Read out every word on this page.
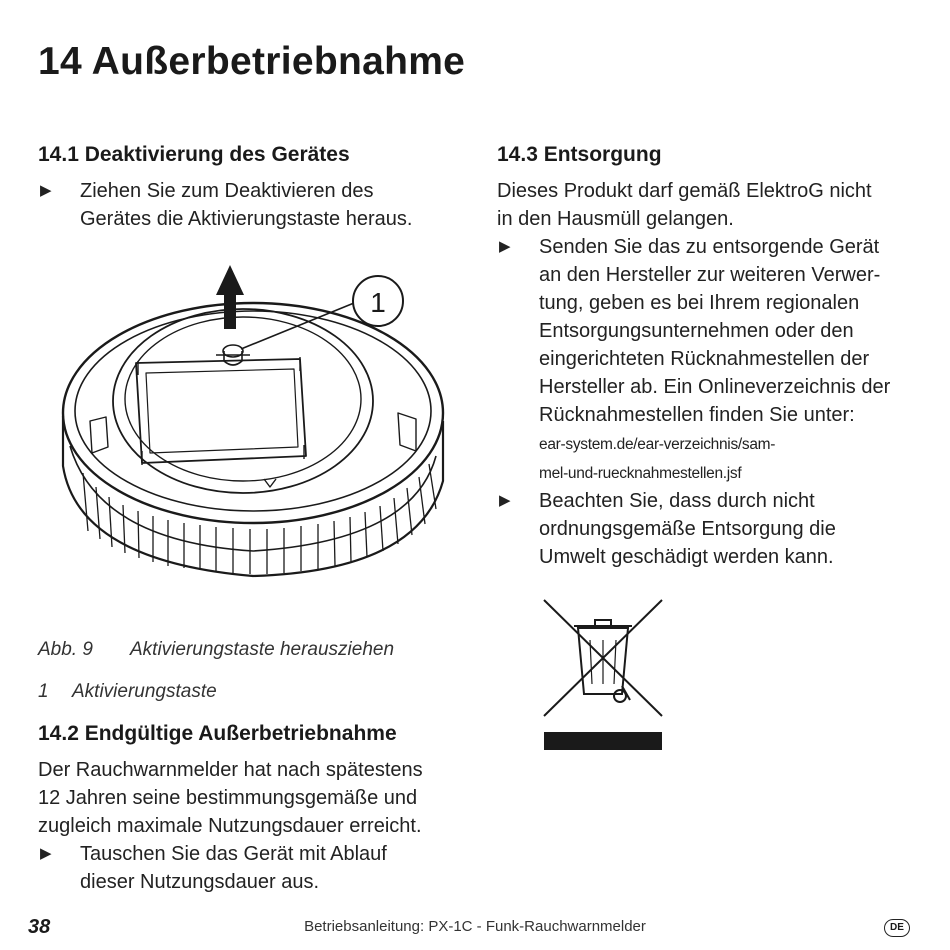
14 Außerbetriebnahme
14.1 Deaktivierung des Gerätes
▶ Ziehen Sie zum Deaktivieren des
Gerätes die Aktivierungstaste heraus.
1

Abb. 9 Aktivierungstaste herausziehen

1 Aktivierungstaste

14.2 Endgültige Außerbetriebnahme

Der Rauchwarnmelder hat nach spätestens
12 Jahren seine bestimmungsgemäße und
zugleich maximale Nutzungsdauer erreicht.

▶ Tauschen Sie das Gerät mit Ablauf
dieser Nutzungsdauer aus.
14.3 Entsorgung

Dieses Produkt darf gemäß ElektroG nicht
in den Hausmüll gelangen.

▶ Senden Sie das zu entsorgende Gerät
an den Hersteller zur weiteren Verwer-
tung, geben es bei Ihrem regionalen
Entsorgungsunternehmen oder den
eingerichteten Rücknahmestellen der
Hersteller ab. Ein Onlineverzeichnis der
Rücknahmestellen finden Sie unter:
ear-system.de/ear-verzeichnis/sam-
mel-und-ruecknahmestellen.jsf
▶ Beachten Sie, dass durch nicht
ordnungsgemäße Entsorgung die
Umwelt geschädigt werden kann.
38	Betriebsanleitung: PX-1C - Funk-Rauchwarnmelder	DE
